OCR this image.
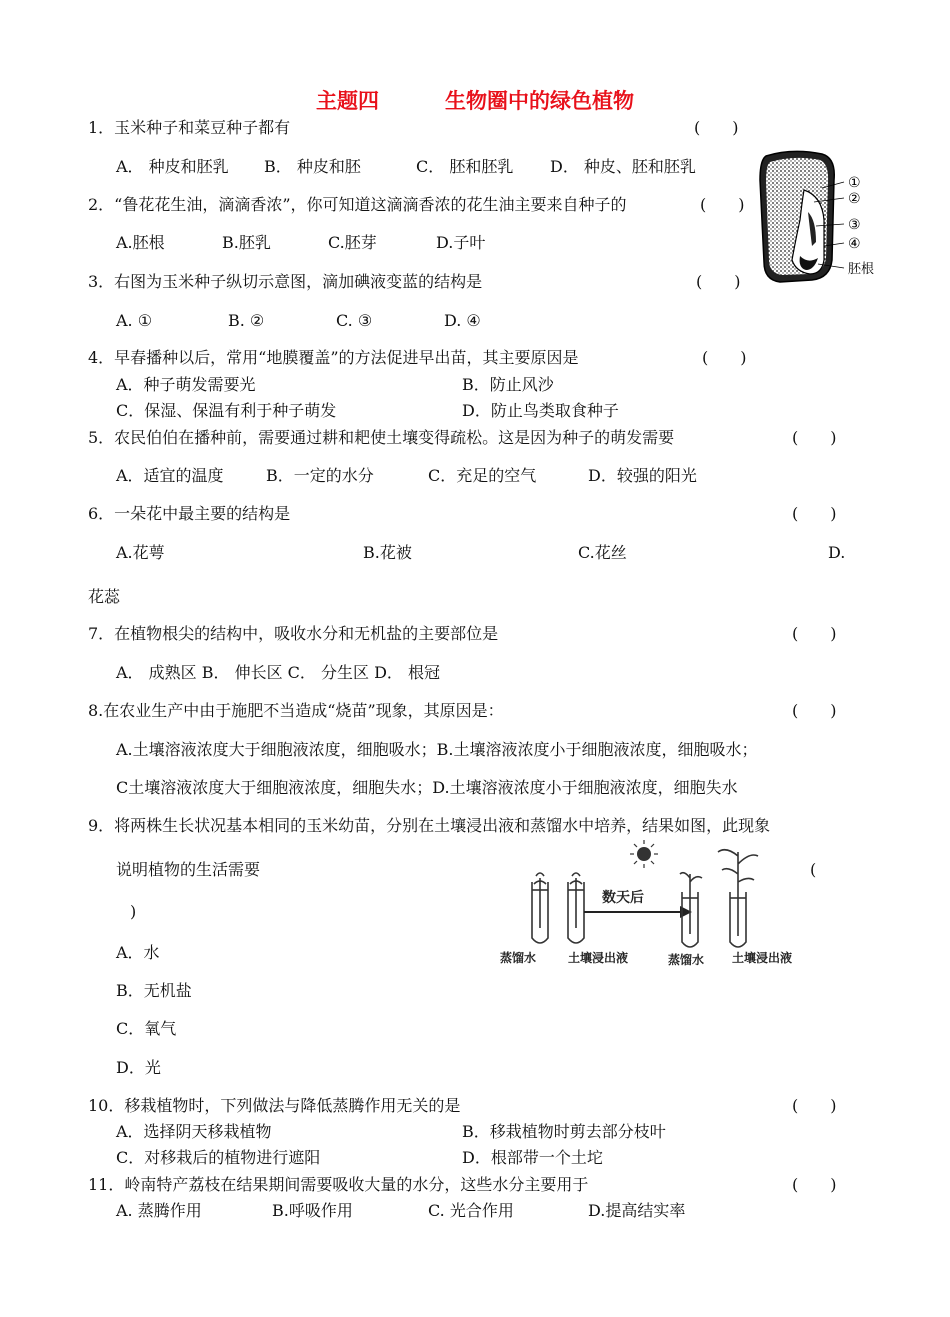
主题四	生物圈中的绿色植物
1．玉米种子和菜豆种子都有	(　　)
A． 种皮和胚乳 B． 种皮和胚	C． 胚和胚乳 D． 种皮、胚和胚乳
2．“鲁花花生油，滴滴香浓”，你可知道这滴滴香浓的花生油主要来自种子的	(　　)
A.胚根	B.胚乳	C.胚芽	D.子叶
①
②
③
④
胚根
3．右图为玉米种子纵切示意图，滴加碘液变蓝的结构是	(　　)
A. ①	B. ②	C. ③	D. ④
4．早春播种以后，常用“地膜覆盖”的方法促进早出苗，其主要原因是	(　　)
A．种子萌发需要光	B．防止风沙
C．保湿、保温有利于种子萌发	D．防止鸟类取食种子
5．农民伯伯在播种前，需要通过耕和耙使土壤变得疏松。这是因为种子的萌发需要	(　　)
A．适宜的温度	B．一定的水分	C．充足的空气	D．较强的阳光
6．一朵花中最主要的结构是	(　　)
A.花萼	B.花被	C.花丝	D.
花蕊
7．在植物根尖的结构中，吸收水分和无机盐的主要部位是	(　　)
A． 成熟区 B． 伸长区 C． 分生区 D． 根冠
8.在农业生产中由于施肥不当造成“烧苗”现象，其原因是：	(　　)
A.土壤溶液浓度大于细胞液浓度，细胞吸水；B.土壤溶液浓度小于细胞液浓度，细胞吸水；
C土壤溶液浓度大于细胞液浓度，细胞失水；D.土壤溶液浓度小于细胞液浓度，细胞失水
9．将两株生长状况基本相同的玉米幼苗，分别在土壤浸出液和蒸馏水中培养，结果如图，此现象
说明植物的生活需要	(
)
A．水
B．无机盐
C．氧气
D．光
数天后
蒸馏水	土壤浸出液	蒸馏水 土壤浸出液
10．移栽植物时，下列做法与降低蒸腾作用无关的是	(　　)
A．选择阴天移栽植物	B．移栽植物时剪去部分枝叶
C．对移栽后的植物进行遮阳	D．根部带一个土坨
11．岭南特产荔枝在结果期间需要吸收大量的水分，这些水分主要用于	(　　)
A. 蒸腾作用	B.呼吸作用	C. 光合作用	D.提高结实率
